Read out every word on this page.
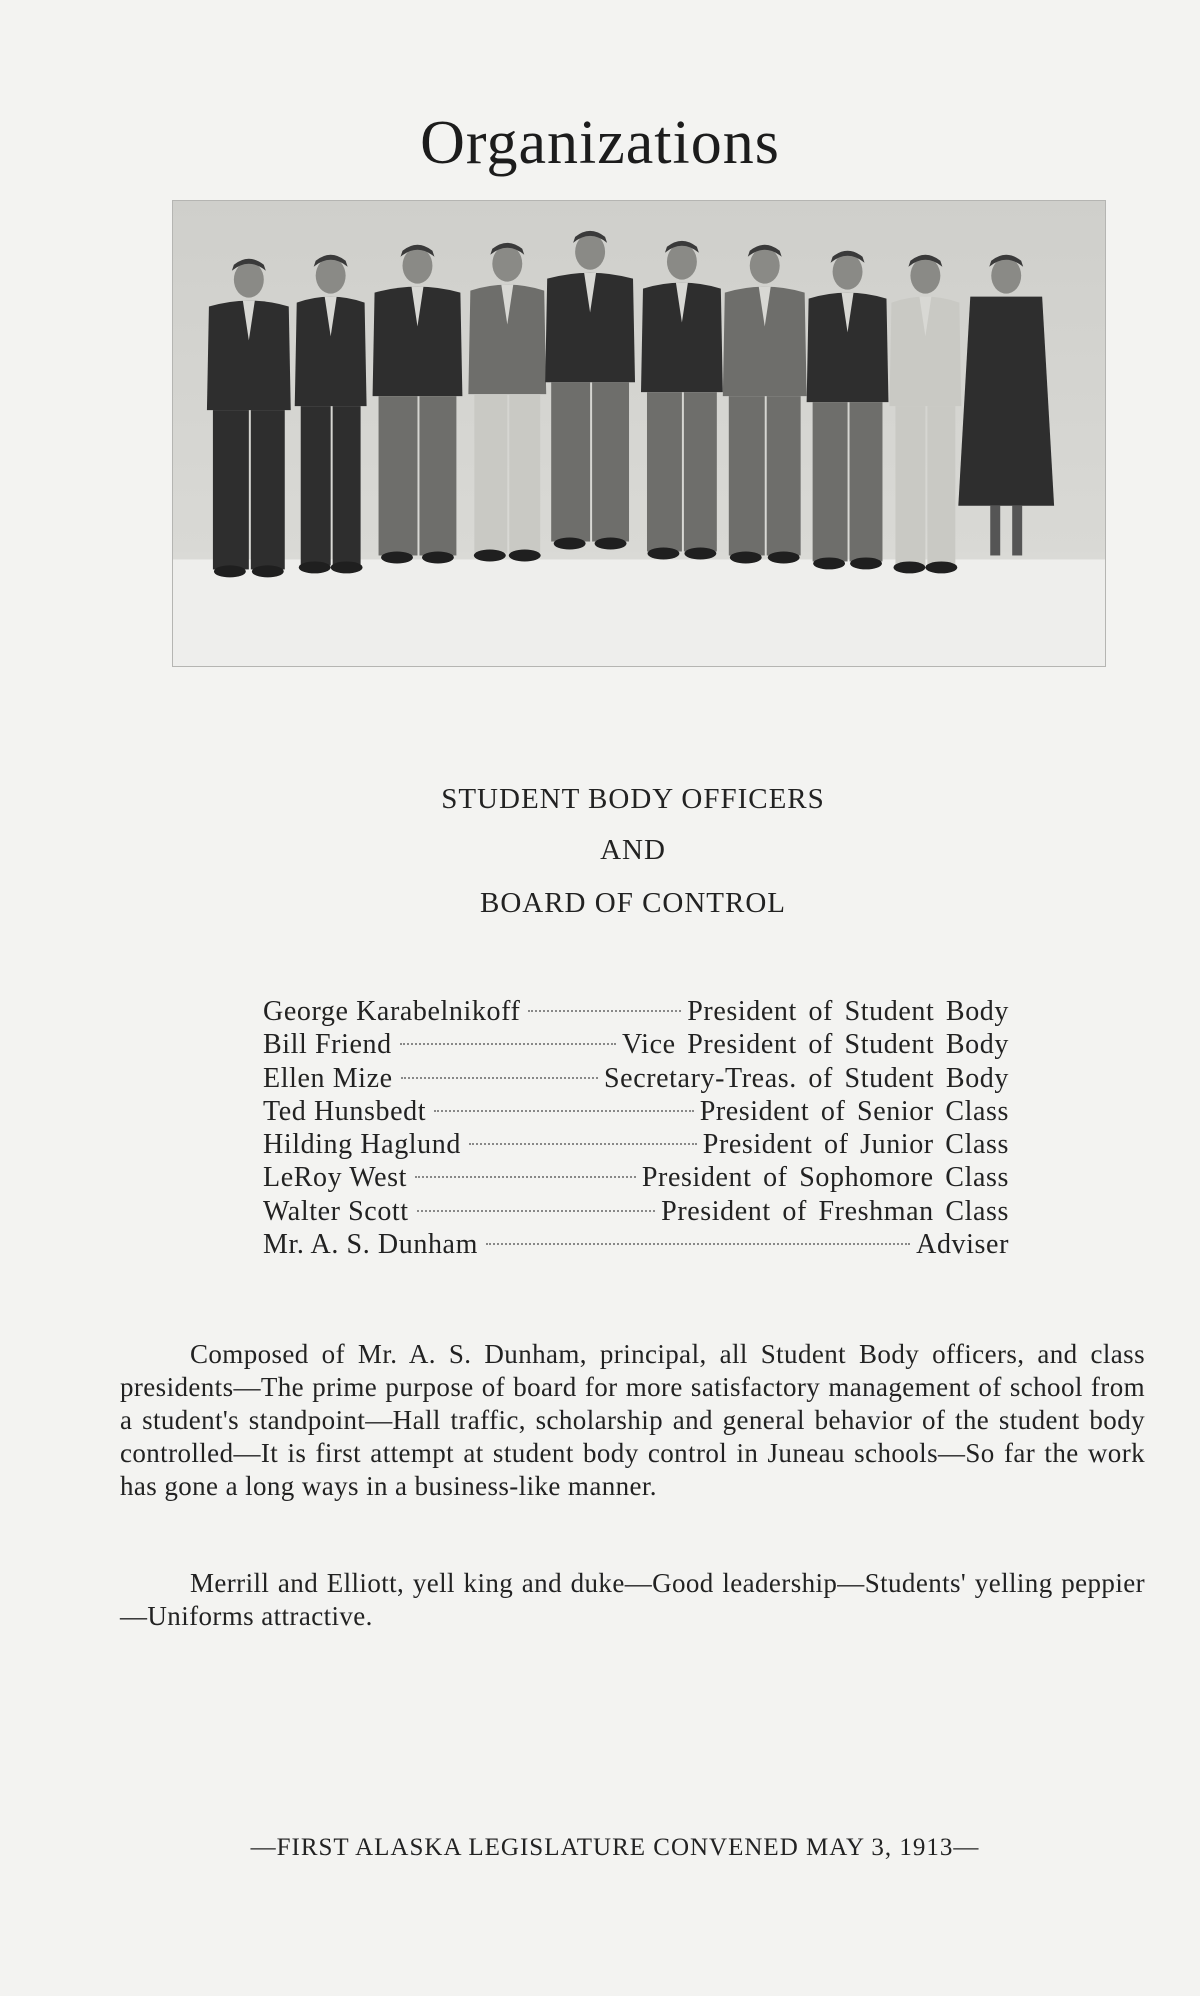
Organizations
STUDENT BODY OFFICERS
AND
BOARD OF CONTROL
George Karabelnikoff	President of Student Body
Bill Friend	Vice President of Student Body
Ellen Mize	Secretary-Treas. of Student Body
Ted Hunsbedt	President of Senior Class
Hilding Haglund	President of Junior Class
LeRoy West	President of Sophomore Class
Walter Scott	President of Freshman Class
Mr. A. S. Dunham	Adviser

Composed of Mr. A. S. Dunham, principal, all Student Body officers, and class presidents—The prime purpose of board for more satisfactory management of school from a student's standpoint—Hall traffic, scholarship and general behavior of the student body controlled—It is first attempt at student body control in Juneau schools—So far the work has gone a long ways in a business-like manner.

Merrill and Elliott, yell king and duke—Good leadership—Students' yelling peppier—Uniforms attractive.

—FIRST ALASKA LEGISLATURE CONVENED MAY 3, 1913—
